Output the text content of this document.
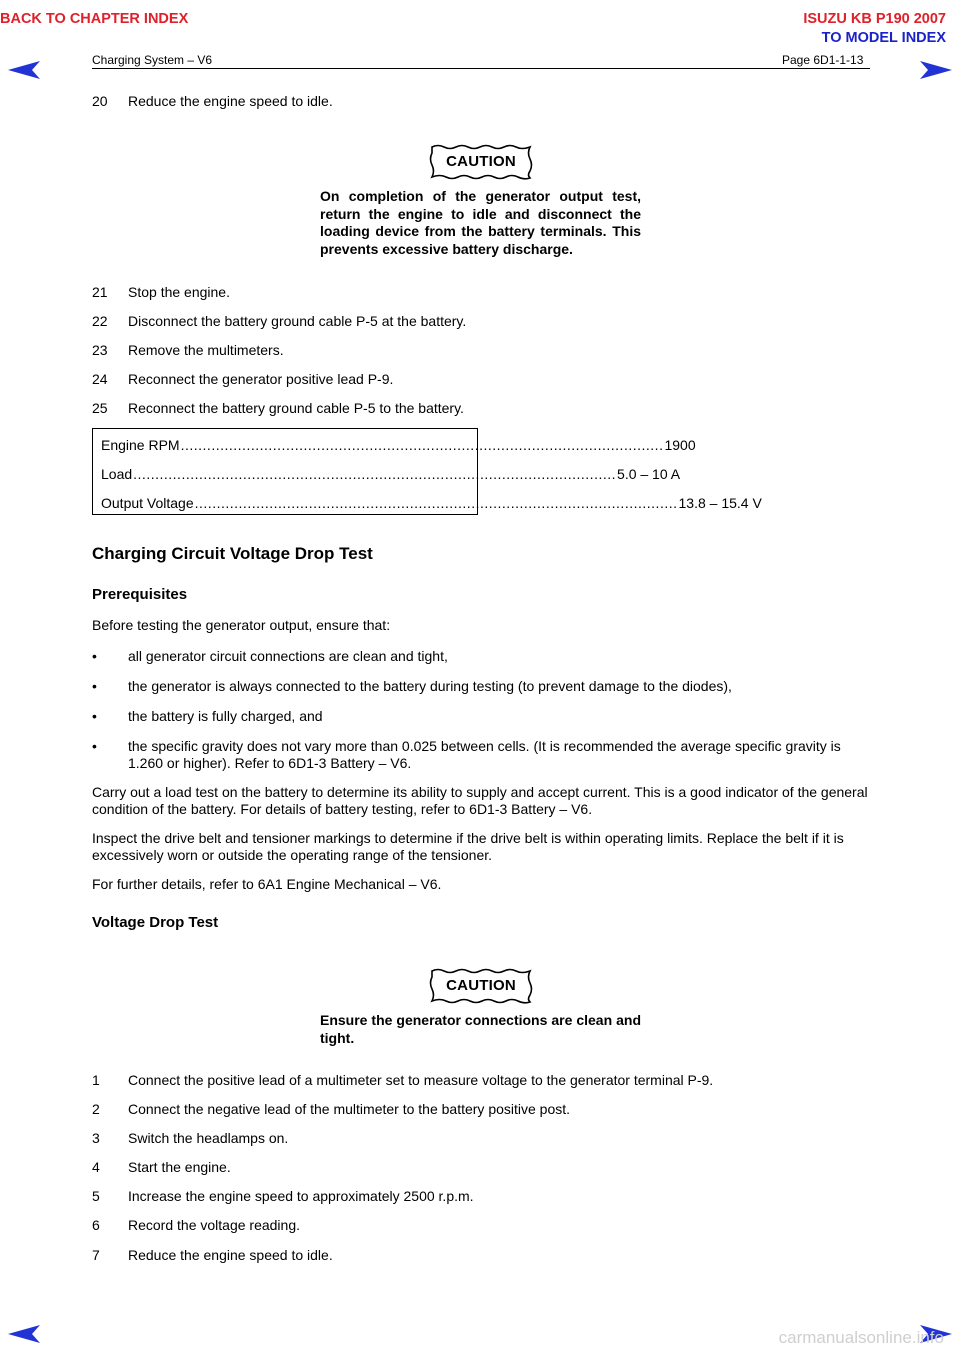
BACK TO CHAPTER INDEX	ISUZU KB P190 2007
TO MODEL INDEX
Charging System – V6	Page 6D1-1-13
20 Reduce the engine speed to idle.
CAUTION
On completion of the generator output test, return the engine to idle and disconnect the loading device from the battery terminals. This prevents excessive battery discharge.
21 Stop the engine.
22 Disconnect the battery ground cable P-5 at the battery.
23 Remove the multimeters.
24 Reconnect the generator positive lead P-9.
25 Reconnect the battery ground cable P-5 to the battery.
Engine RPM .............................................................................................................. 1900
Load .............................................................................................................. 5.0 – 10 A
Output Voltage .............................................................................................................. 13.8 – 15.4 V
Charging Circuit Voltage Drop Test
Prerequisites
Before testing the generator output, ensure that:
•	all generator circuit connections are clean and tight,
•	the generator is always connected to the battery during testing (to prevent damage to the diodes),
•	the battery is fully charged, and
•	the specific gravity does not vary more than 0.025 between cells. (It is recommended the average specific gravity is 1.260 or higher). Refer to 6D1-3 Battery – V6.
Carry out a load test on the battery to determine its ability to supply and accept current. This is a good indicator of the general condition of the battery. For details of battery testing, refer to 6D1-3 Battery – V6.
Inspect the drive belt and tensioner markings to determine if the drive belt is within operating limits. Replace the belt if it is excessively worn or outside the operating range of the tensioner.
For further details, refer to 6A1 Engine Mechanical – V6.
Voltage Drop Test
CAUTION
Ensure the generator connections are clean and tight.
1 Connect the positive lead of a multimeter set to measure voltage to the generator terminal P-9.
2 Connect the negative lead of the multimeter to the battery positive post.
3 Switch the headlamps on.
4 Start the engine.
5 Increase the engine speed to approximately 2500 r.p.m.
6 Record the voltage reading.
7 Reduce the engine speed to idle.
carmanualsonline.info
